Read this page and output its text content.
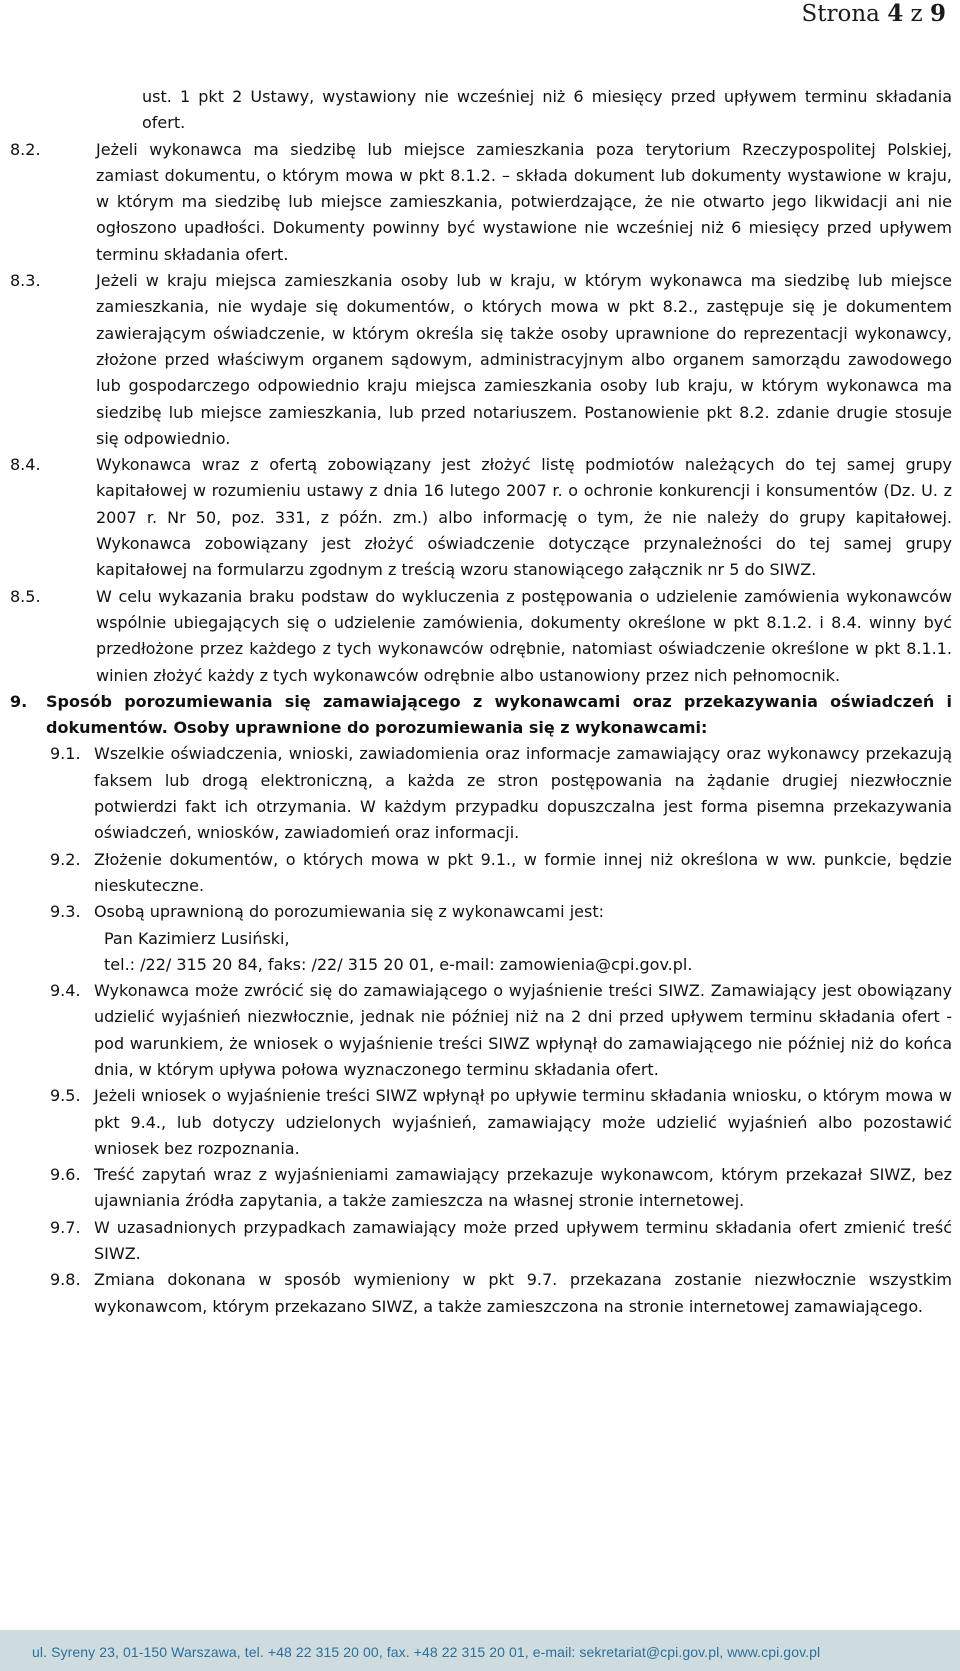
Strona 4 z 9

ust. 1 pkt 2 Ustawy, wystawiony nie wcześniej niż 6 miesięcy przed upływem terminu składania ofert.

8.2.	Jeżeli wykonawca ma siedzibę lub miejsce zamieszkania poza terytorium Rzeczypospolitej Polskiej, zamiast dokumentu, o którym mowa w pkt 8.1.2. – składa dokument lub dokumenty wystawione w kraju, w którym ma siedzibę lub miejsce zamieszkania, potwierdzające, że nie otwarto jego likwidacji ani nie ogłoszono upadłości. Dokumenty powinny być wystawione nie wcześniej niż 6 miesięcy przed upływem terminu składania ofert.
8.3.	Jeżeli w kraju miejsca zamieszkania osoby lub w kraju, w którym wykonawca ma siedzibę lub miejsce zamieszkania, nie wydaje się dokumentów, o których mowa w pkt 8.2., zastępuje się je dokumentem zawierającym oświadczenie, w którym określa się także osoby uprawnione do reprezentacji wykonawcy, złożone przed właściwym organem sądowym, administracyjnym albo organem samorządu zawodowego lub gospodarczego odpowiednio kraju miejsca zamieszkania osoby lub kraju, w którym wykonawca ma siedzibę lub miejsce zamieszkania, lub przed notariuszem. Postanowienie pkt 8.2. zdanie drugie stosuje się odpowiednio.
8.4.	Wykonawca wraz z ofertą zobowiązany jest złożyć listę podmiotów należących do tej samej grupy kapitałowej w rozumieniu ustawy z dnia 16 lutego 2007 r. o ochronie konkurencji i konsumentów (Dz. U. z 2007 r. Nr 50, poz. 331, z późn. zm.) albo informację o tym, że nie należy do grupy kapitałowej. Wykonawca zobowiązany jest złożyć oświadczenie dotyczące przynależności do tej samej grupy kapitałowej na formularzu zgodnym z treścią wzoru stanowiącego załącznik nr 5 do SIWZ.
8.5.	W celu wykazania braku podstaw do wykluczenia z postępowania o udzielenie zamówienia wykonawców wspólnie ubiegających się o udzielenie zamówienia, dokumenty określone w pkt 8.1.2. i 8.4. winny być przedłożone przez każdego z tych wykonawców odrębnie, natomiast oświadczenie określone w pkt 8.1.1. winien złożyć każdy z tych wykonawców odrębnie albo ustanowiony przez nich pełnomocnik.
9. Sposób porozumiewania się zamawiającego z wykonawcami oraz przekazywania oświadczeń i dokumentów. Osoby uprawnione do porozumiewania się z wykonawcami:
9.1. Wszelkie oświadczenia, wnioski, zawiadomienia oraz informacje zamawiający oraz wykonawcy przekazują faksem lub drogą elektroniczną, a każda ze stron postępowania na żądanie drugiej niezwłocznie potwierdzi fakt ich otrzymania. W każdym przypadku dopuszczalna jest forma pisemna przekazywania oświadczeń, wniosków, zawiadomień oraz informacji.
9.2. Złożenie dokumentów, o których mowa w pkt 9.1., w formie innej niż określona w ww. punkcie, będzie nieskuteczne.
9.3. Osobą uprawnioną do porozumiewania się z wykonawcami jest:
Pan Kazimierz Lusiński,
tel.: /22/ 315 20 84, faks: /22/ 315 20 01, e-mail: zamowienia@cpi.gov.pl.
9.4. Wykonawca może zwrócić się do zamawiającego o wyjaśnienie treści SIWZ. Zamawiający jest obowiązany udzielić wyjaśnień niezwłocznie, jednak nie później niż na 2 dni przed upływem terminu składania ofert - pod warunkiem, że wniosek o wyjaśnienie treści SIWZ wpłynął do zamawiającego nie później niż do końca dnia, w którym upływa połowa wyznaczonego terminu składania ofert.
9.5. Jeżeli wniosek o wyjaśnienie treści SIWZ wpłynął po upływie terminu składania wniosku, o którym mowa w pkt 9.4., lub dotyczy udzielonych wyjaśnień, zamawiający może udzielić wyjaśnień albo pozostawić wniosek bez rozpoznania.
9.6. Treść zapytań wraz z wyjaśnieniami zamawiający przekazuje wykonawcom, którym przekazał SIWZ, bez ujawniania źródła zapytania, a także zamieszcza na własnej stronie internetowej.
9.7. W uzasadnionych przypadkach zamawiający może przed upływem terminu składania ofert zmienić treść SIWZ.
9.8. Zmiana dokonana w sposób wymieniony w pkt 9.7. przekazana zostanie niezwłocznie wszystkim wykonawcom, którym przekazano SIWZ, a także zamieszczona na stronie internetowej zamawiającego.
ul. Syreny 23, 01-150 Warszawa, tel. +48 22 315 20 00, fax. +48 22 315 20 01, e-mail: sekretariat@cpi.gov.pl, www.cpi.gov.pl
